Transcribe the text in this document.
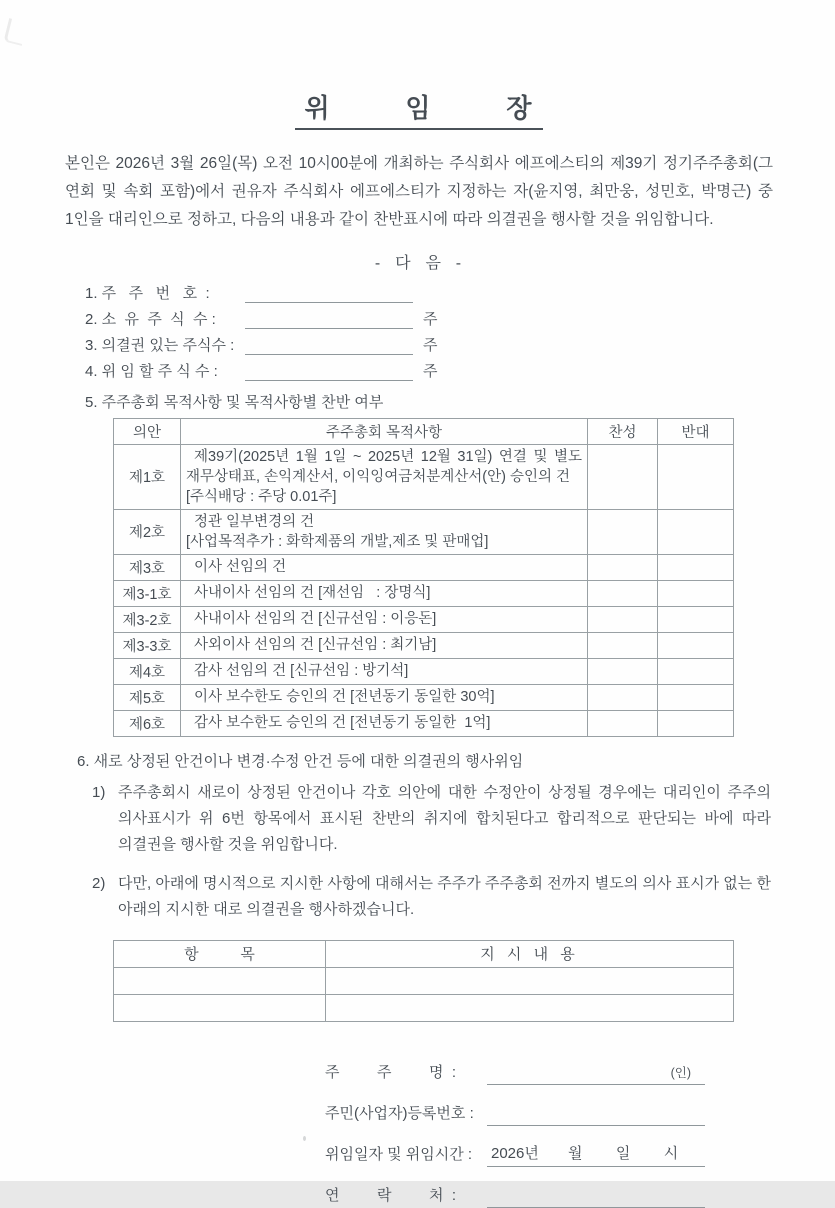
위        임        장

본인은 2026년 3월 26일(목) 오전 10시00분에 개최하는 주식회사 에프에스티의 제39기 정기주주총회(그 연회 및 속회 포함)에서 권유자 주식회사 에프에스티가 지정하는 자(윤지영, 최만웅, 성민호, 박명근) 중 1인을 대리인으로 정하고, 다음의 내용과 같이 찬반표시에 따라 의결권을 행사할 것을 위임합니다.

-  다  음  -
1. 주   주   번   호  :
2. 소  유  주  식  수 :	주
3. 의결권 있는 주식수 :	주
4. 위 임 할 주 식 수 :	주
5. 주주총회 목적사항 및 목적사항별 찬반 여부
의안	주주총회 목적사항	찬성	반대
제1호	제39기(2025년 1월 1일 ~ 2025년 12월 31일) 연결 및 별도 재무상태표, 손익계산서, 이익잉여금처분계산서(안) 승인의 건
[주식배당 : 주당 0.01주]		

제2호	정관 일부변경의 건
[사업목적추가 : 화학제품의 개발,제조 및 판매업]		

제3호	이사 선임의 건		

제3-1호	사내이사 선임의 건 [재선임   : 장명식]		

제3-2호	사내이사 선임의 건 [신규선임 : 이응돈]		

제3-3호	사외이사 선임의 건 [신규선임 : 최기남]		

제4호	감사 선임의 건 [신규선임 : 방기석]		

제5호	이사 보수한도 승인의 건 [전년동기 동일한 30억]		

제6호	감사 보수한도 승인의 건 [전년동기 동일한  1억]		

6. 새로 상정된 안건이나 변경·수정 안건 등에 대한 의결권의 행사위임
1) 주주총회시 새로이 상정된 안건이나 각호 의안에 대한 수정안이 상정될 경우에는 대리인이 주주의 의사표시가 위 6번 항목에서 표시된 찬반의 취지에 합치된다고 합리적으로 판단되는 바에 따라 의결권을 행사할 것을 위임합니다.
2) 다만, 아래에 명시적으로 지시한 사항에 대해서는 주주가 주주총회 전까지 별도의 의사 표시가 없는 한 아래의 지시한 대로 의결권을 행사하겠습니다.
항          목	지 시 내 용

주         주         명  :	(인)
주민(사업자)등록번호 :
위임일자 및 위임시간 :	2026년       월        일        시
연         락         처  :
